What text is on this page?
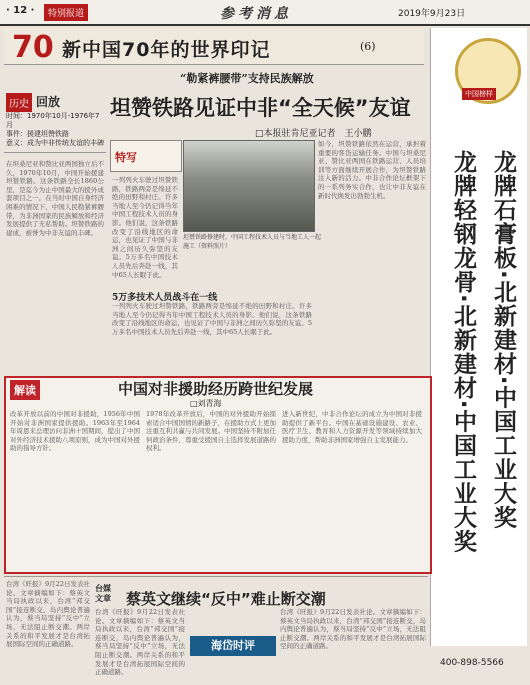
· 12 ·	特别报道	参考消息	2019年9月23日
70 新中国70年的世界印记	(6)
中国榜样
龙牌石膏板·北新建材·中国工业大奖
龙牌轻钢龙骨·北新建材·中国工业大奖
400-898-5566
历史 回放
时间：1970年10月-1976年7月
事件：援建坦赞铁路
意义：成为中非传统友谊的丰碑
“勒紧裤腰带”支持民族解放
坦赞铁路见证中非“全天候”友谊
□本报驻肯尼亚记者　王小鹏
特写
坦赞铁路修建时，中国工程技术人员与当地工人一起施工（资料照片）
5万多技术人员战斗在一线
在坦桑尼亚和赞比亚两国独立后不久，1970年10月，中国开始援建坦赞铁路。这条铁路全长1860公里，是迄今为止中国最大的援外成套项目之一。在当时中国自身经济困难的情况下，中国人民勒紧裤腰带，为非洲国家的民族解放和经济发展提供了无私帮助。坦赞铁路的建成，被誉为中非友谊的丰碑。
一列列火车驶过坦赞铁路，铁路两旁是绵延不绝的田野和村庄。许多当地人至今仍记得当年中国工程技术人员的身影。他们说，这条铁路改变了沿线地区的命运，也见证了中国与非洲之间历久弥坚的友谊。5万多名中国技术人员先后奔赴一线，其中65人长眠于此。
一列列火车驶过坦赞铁路，铁路两旁是绵延不绝的田野和村庄。许多当地人至今仍记得当年中国工程技术人员的身影。他们说，这条铁路改变了沿线地区的命运，也见证了中国与非洲之间历久弥坚的友谊。5万多名中国技术人员先后奔赴一线，其中65人长眠于此。
如今，坦赞铁路依然在运营，承担着重要的客货运输任务。中国与坦桑尼亚、赞比亚两国在铁路运营、人员培训等方面继续开展合作，为坦赞铁路注入新的活力。中非合作论坛框架下的一系列务实合作，也让中非友谊在新时代焕发出勃勃生机。
解读	中国对非援助经历跨世纪发展
□刘青海
改革开放以前的中国对非援助，1956年中国开始对非洲国家提供援助。1963年至1964年周恩来总理访问非洲十国期间，提出了中国对外经济技术援助八项原则，成为中国对外援助的指导方针。
1978年改革开放后，中国的对外援助开始探索适合中国国情的新路子，在援助方式上更加注重互利共赢与共同发展。中国坚持不附加任何政治条件，尊重受援国自主选择发展道路的权利。
进入新世纪，中非合作论坛的成立为中国对非援助提供了新平台。中国在基础设施建设、农业、医疗卫生、教育和人力资源开发等领域持续加大援助力度，帮助非洲国家增强自主发展能力。
台湾《旺报》9月22日发表社论。文章摘编如下：蔡英文当局执政以来，台湾“邦交国”接连断交，岛内舆论普遍认为，蔡当局坚持“反中”立场，无法阻止断交潮。两岸关系的和平发展才是台湾拓展国际空间的正确道路。
台媒
文章 蔡英文继续“反中”难止断交潮
台湾《旺报》9月22日发表社论。文章摘编如下：蔡英文当局执政以来，台湾“邦交国”接连断交，岛内舆论普遍认为，蔡当局坚持“反中”立场，无法阻止断交潮。两岸关系的和平发展才是台湾拓展国际空间的正确道路。
台湾《旺报》9月22日发表社论。文章摘编如下：蔡英文当局执政以来，台湾“邦交国”接连断交，岛内舆论普遍认为，蔡当局坚持“反中”立场，无法阻止断交潮。两岸关系的和平发展才是台湾拓展国际空间的正确道路。
海岱时评
